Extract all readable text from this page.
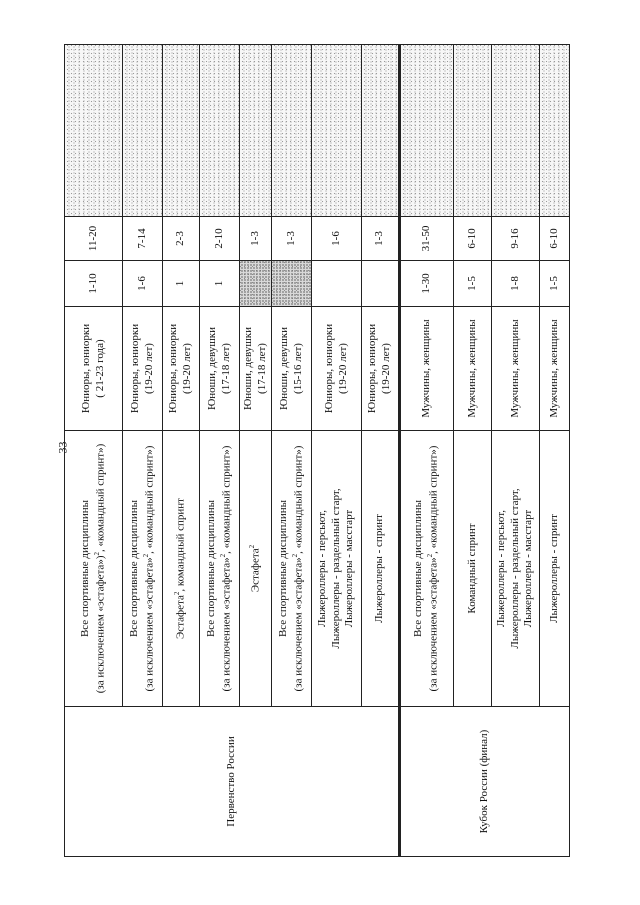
33
Первенство России	Все спортивные дисциплины (за исключением «эстафета»)$^2$, «командный спринт»)	Юниоры, юниорки ( 21-23 года)	1-10	11-20	
	Все спортивные дисциплины (за исключением «эстафета»$^2$, «командный спринт»)	Юниоры, юниорки (19-20 лет)	1-6	7-14	
	Эстафета$^2$, командный спринт	Юниоры, юниорки (19-20 лет)	1	2-3	
	Все спортивные дисциплины (за исключением «эстафета»$^2$, «командный спринт»)	Юноши, девушки (17-18 лет)	1	2-10	
	Эстафета$^2$	Юноши, девушки (17-18 лет)		1-3	
	Все спортивные дисциплины (за исключением «эстафета»$^2$, «командный спринт»)	Юноши, девушки (15-16 лет)		1-3	
	Лыжероллеры - персьют, Лыжероллеры - раздельный старт, Лыжероллеры - масстарт	Юниоры, юниорки (19-20 лет)		1-6	
	Лыжероллеры - спринт	Юниоры, юниорки (19-20 лет)		1-3	
Кубок России (финал)	Все спортивные дисциплины (за исключением «эстафета»$^2$, «командный спринт»)	Мужчины, женщины	1-30	31-50	
	Командный спринт	Мужчины, женщины	1-5	6-10	
	Лыжероллеры - персьют, Лыжероллеры - раздельный старт, Лыжероллеры - масстарт	Мужчины, женщины	1-8	9-16	
	Лыжероллеры - спринт	Мужчины, женщины	1-5	6-10	
